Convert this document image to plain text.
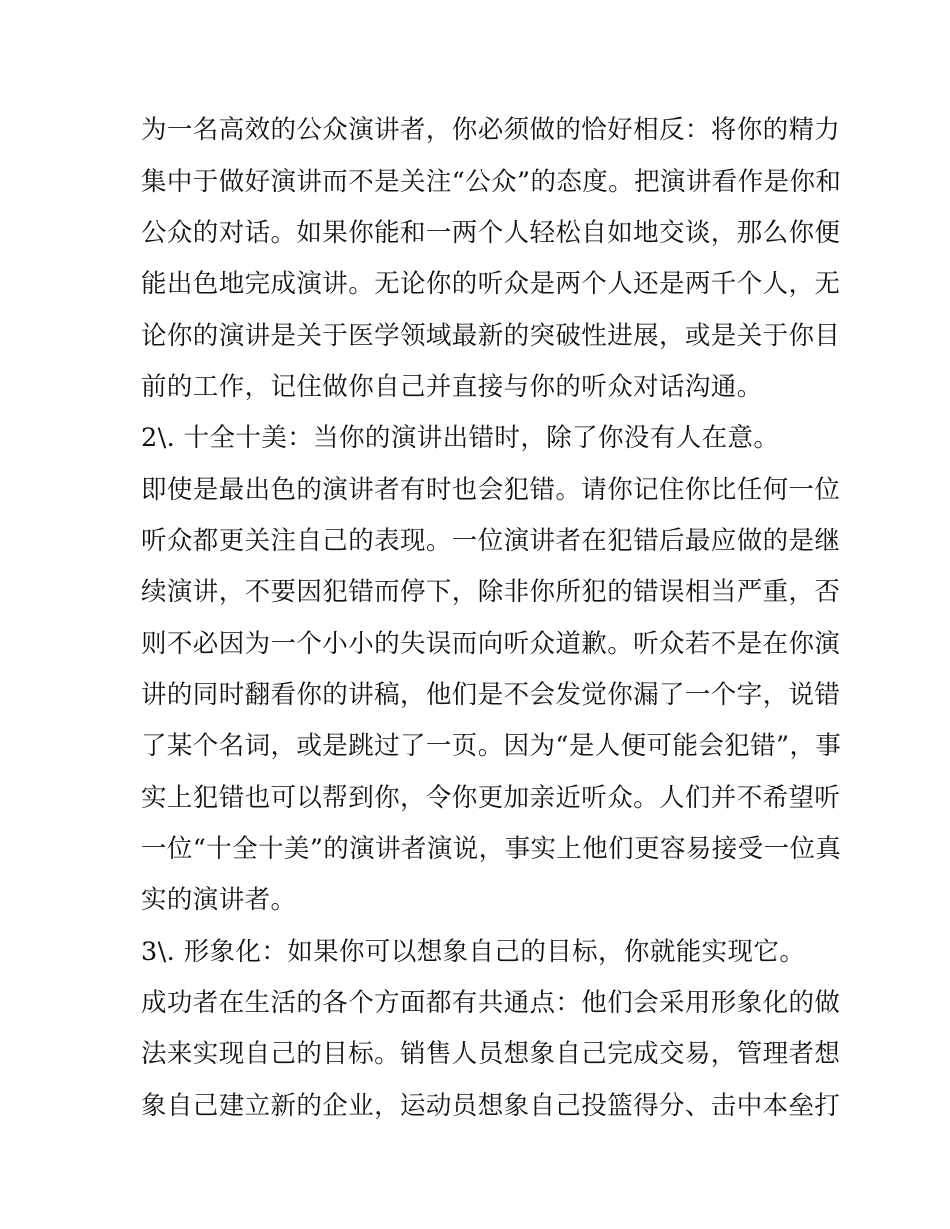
为一名高效的公众演讲者，你必须做的恰好相反：将你的精力
集中于做好演讲而不是关注“公众”的态度。把演讲看作是你和
公众的对话。如果你能和一两个人轻松自如地交谈，那么你便
能出色地完成演讲。无论你的听众是两个人还是两千个人，无
论你的演讲是关于医学领域最新的突破性进展，或是关于你目
前的工作，记住做你自己并直接与你的听众对话沟通。
2\. 十全十美：当你的演讲出错时，除了你没有人在意。
即使是最出色的演讲者有时也会犯错。请你记住你比任何一位
听众都更关注自己的表现。一位演讲者在犯错后最应做的是继
续演讲，不要因犯错而停下，除非你所犯的错误相当严重，否
则不必因为一个小小的失误而向听众道歉。听众若不是在你演
讲的同时翻看你的讲稿，他们是不会发觉你漏了一个字，说错
了某个名词，或是跳过了一页。因为“是人便可能会犯错”，事
实上犯错也可以帮到你，令你更加亲近听众。人们并不希望听
一位“十全十美”的演讲者演说，事实上他们更容易接受一位真
实的演讲者。
3\. 形象化：如果你可以想象自己的目标，你就能实现它。
成功者在生活的各个方面都有共通点：他们会采用形象化的做
法来实现自己的目标。销售人员想象自己完成交易，管理者想
象自己建立新的企业，运动员想象自己投篮得分、击中本垒打
